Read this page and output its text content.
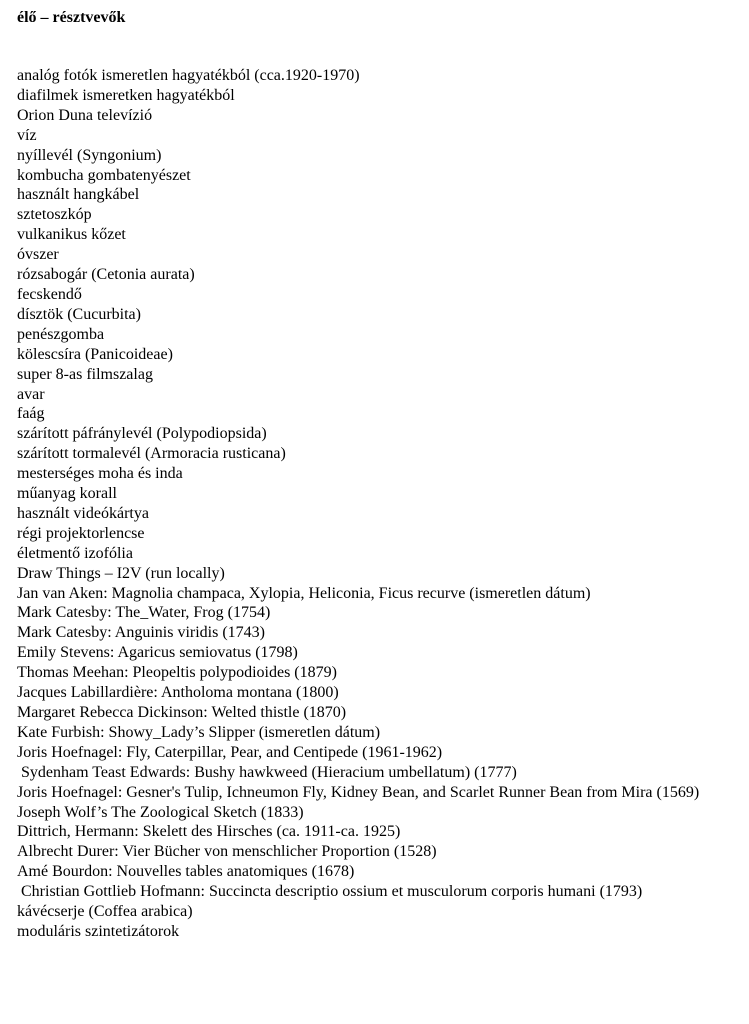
élő – résztvevők
analóg fotók ismeretlen hagyatékból (cca.1920-1970)
diafilmek ismeretken hagyatékból
Orion Duna televízió
víz
nyíllevél (Syngonium)
kombucha gombatenyészet
használt hangkábel
sztetoszkóp
vulkanikus kőzet
óvszer
rózsabogár (Cetonia aurata)
fecskendő
dísztök (Cucurbita)
penészgomba
kölescsíra (Panicoideae)
super 8-as filmszalag
avar
faág
szárított páfránylevél (Polypodiopsida)
szárított tormalevél (Armoracia rusticana)
mesterséges moha és inda
műanyag korall
használt videókártya
régi projektorlencse
életmentő izofólia
Draw Things – I2V (run locally)
Jan van Aken: Magnolia champaca, Xylopia, Heliconia, Ficus recurve (ismeretlen dátum)
Mark Catesby: The_Water, Frog (1754)
Mark Catesby: Anguinis viridis (1743)
Emily Stevens: Agaricus semiovatus (1798)
Thomas Meehan: Pleopeltis polypodioides (1879)
Jacques Labillardière: Antholoma montana (1800)
Margaret Rebecca Dickinson: Welted thistle (1870)
Kate Furbish: Showy_Lady’s Slipper (ismeretlen dátum)
Joris Hoefnagel: Fly, Caterpillar, Pear, and Centipede (1961-1962)
Sydenham Teast Edwards: Bushy hawkweed (Hieracium umbellatum) (1777)
Joris Hoefnagel: Gesner's Tulip, Ichneumon Fly, Kidney Bean, and Scarlet Runner Bean from Mira (1569)
Joseph Wolf’s The Zoological Sketch (1833)
Dittrich, Hermann: Skelett des Hirsches (ca. 1911-ca. 1925)
Albrecht Durer: Vier Bücher von menschlicher Proportion (1528)
Amé Bourdon: Nouvelles tables anatomiques (1678)
Christian Gottlieb Hofmann: Succincta descriptio ossium et musculorum corporis humani (1793)
kávécserje (Coffea arabica)
moduláris szintetizátorok
